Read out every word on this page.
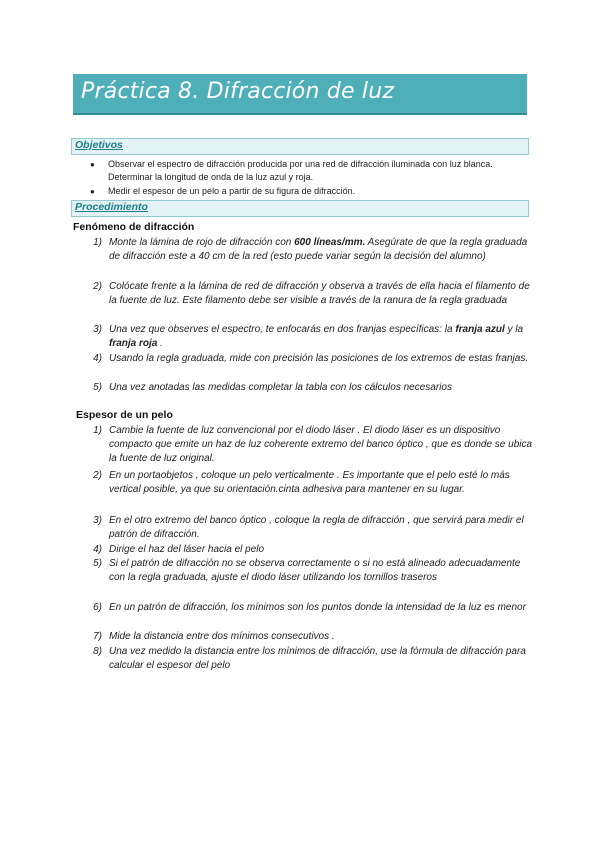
Práctica 8. Difracción de luz
Objetivos
● Observar el espectro de difracción producida por una red de difracción iluminada con luz blanca. Determinar la longitud de onda de la luz azul y roja.
● Medir el espesor de un pelo a partir de su figura de difracción.
Procedimiento
Fenómeno de difracción
1) Monte la lámina de rojo de difracción con 600 líneas/mm. Asegúrate de que la regla graduada de difracción este a 40 cm de la red (esto puede variar según la decisión del alumno)
2) Colócate frente a la lámina de red de difracción y observa a través de ella hacia el filamento de la fuente de luz. Este filamento debe ser visible a través de la ranura de la regla graduada
3) Una vez que observes el espectro, te enfocarás en dos franjas específicas: la franja azul y la franja roja .
4) Usando la regla graduada, mide con precisión las posiciones de los extremos de estas franjas.
5) Una vez anotadas las medidas completar la tabla con los cálculos necesarios
Espesor de un pelo
1) Cambie la fuente de luz convencional por el diodo láser . El diodo láser es un dispositivo compacto que emite un haz de luz coherente extremo del banco óptico , que es donde se ubica la fuente de luz original.
2) En un portaobjetos , coloque un pelo verticalmente . Es importante que el pelo esté lo más vertical posible, ya que su orientación.cinta adhesiva para mantener en su lugar.
3) En el otro extremo del banco óptico , coloque la regla de difracción , que servirá para medir el patrón de difracción.
4) Dirige el haz del láser hacia el pelo
5) Si el patrón de difracción no se observa correctamente o si no está alineado adecuadamente con la regla graduada, ajuste el diodo láser utilizando los tornillos traseros
6) En un patrón de difracción, los mínimos son los puntos donde la intensidad de la luz es menor
7) Mide la distancia entre dos mínimos consecutivos .
8) Una vez medido la distancia entre los mínimos de difracción, use la fórmula de difracción para calcular el espesor del pelo
